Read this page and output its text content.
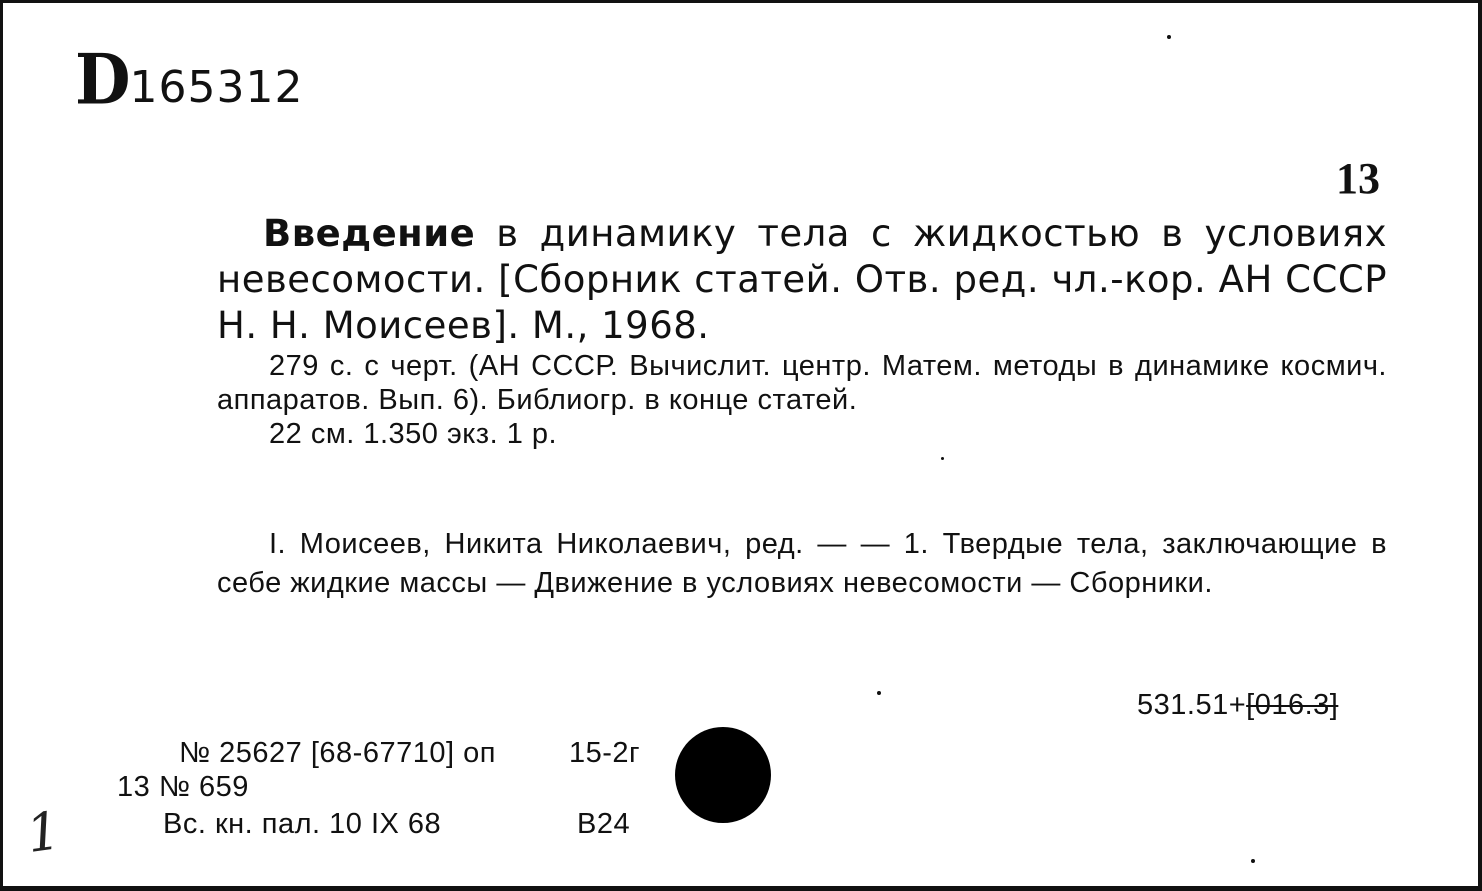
D165312
13
Введение в динамику тела с жидкостью в условиях невесомости. [Сборник статей. Отв. ред. чл.-кор. АН СССР Н. Н. Моисеев]. М., 1968.
279 с. с черт. (АН СССР. Вычислит. центр. Матем. методы в динамике космич. аппаратов. Вып. 6). Библиогр. в конце статей.
22 см. 1.350 экз. 1 р.
I. Моисеев, Никита Николаевич, ред. — — 1. Твердые тела, заключающие в себе жидкие массы — Движение в условиях невесомости — Сборники.
531.51+[016.3]
№ 25627 [68-67710] оп	15-2г
13 № 659
Вс. кн. пал. 10 IX 68	В24
1
